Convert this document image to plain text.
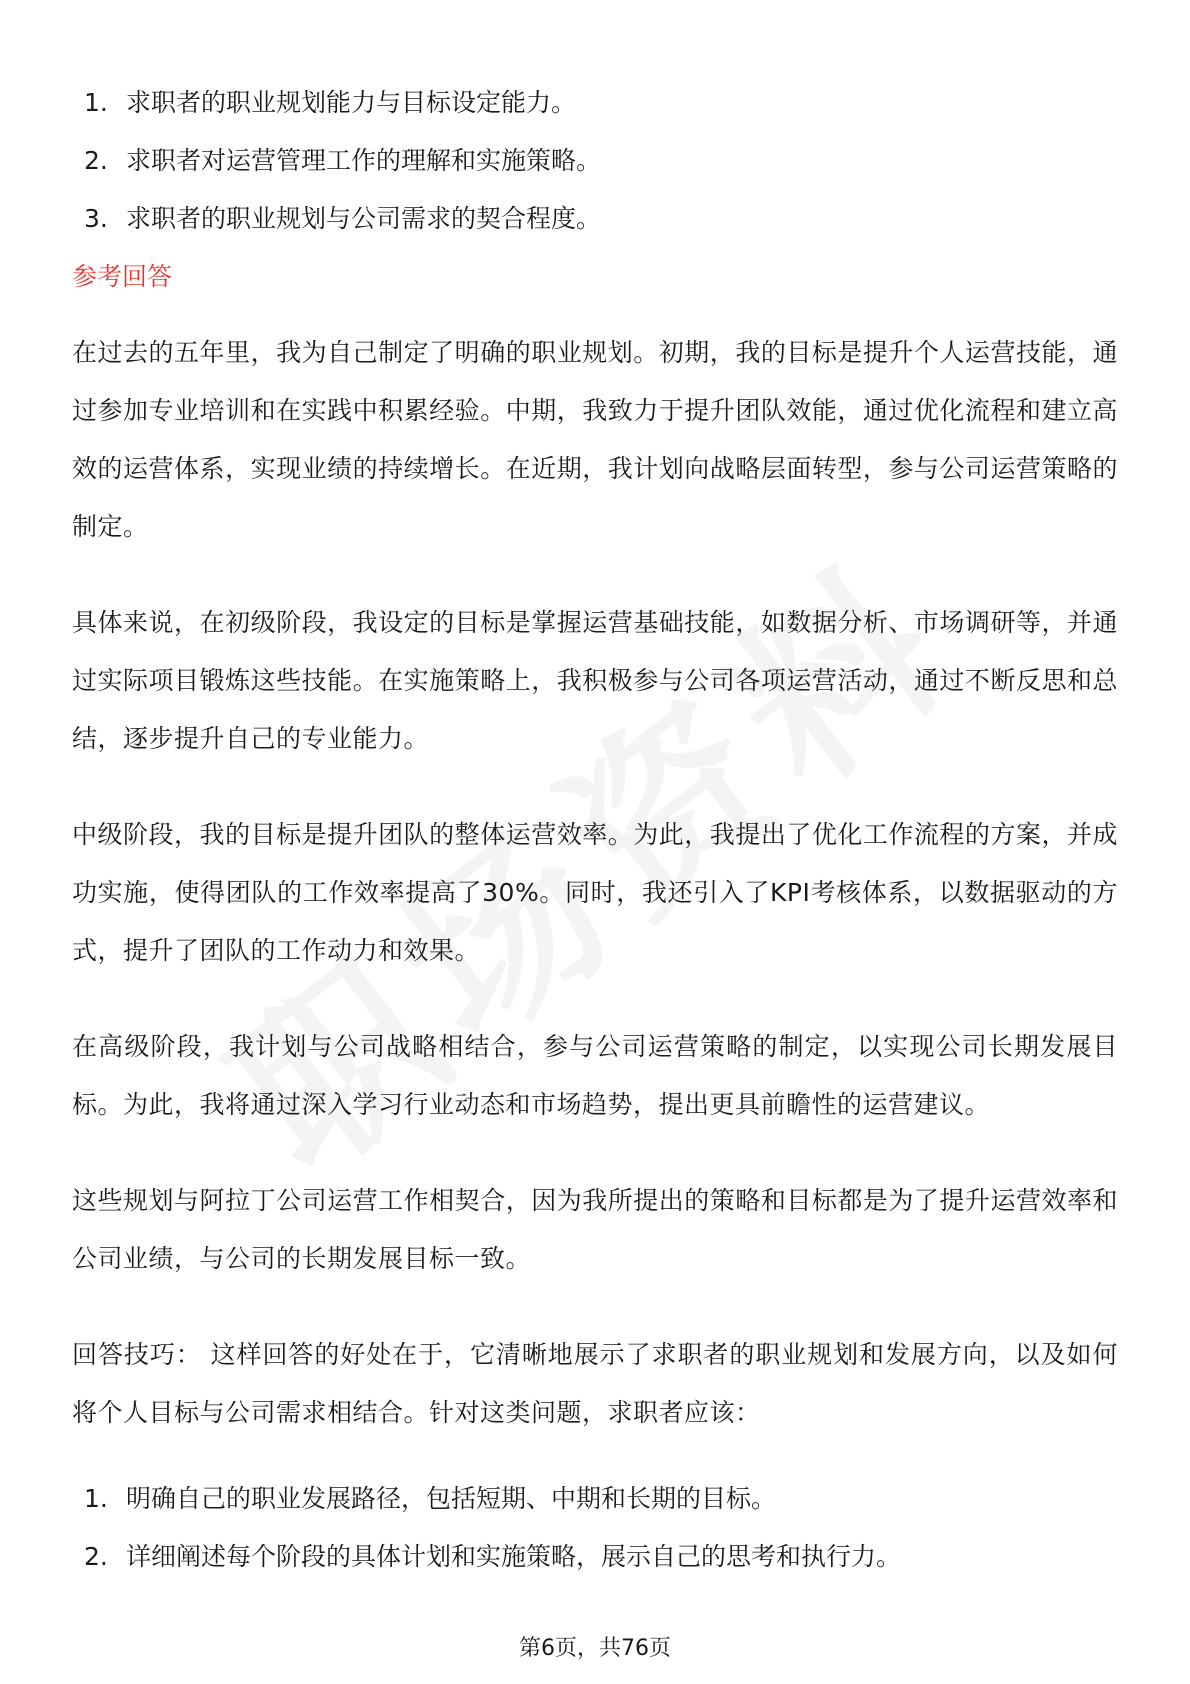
1. 求职者的职业规划能力与目标设定能力。
2. 求职者对运营管理工作的理解和实施策略。
3. 求职者的职业规划与公司需求的契合程度。
参考回答

在过去的五年里，我为自己制定了明确的职业规划。初期，我的目标是提升个人运营技能，通过参加专业培训和在实践中积累经验。中期，我致力于提升团队效能，通过优化流程和建立高效的运营体系，实现业绩的持续增长。在近期，我计划向战略层面转型，参与公司运营策略的制定。

具体来说，在初级阶段，我设定的目标是掌握运营基础技能，如数据分析、市场调研等，并通过实际项目锻炼这些技能。在实施策略上，我积极参与公司各项运营活动，通过不断反思和总结，逐步提升自己的专业能力。

中级阶段，我的目标是提升团队的整体运营效率。为此，我提出了优化工作流程的方案，并成功实施，使得团队的工作效率提高了30%。同时，我还引入了KPI考核体系，以数据驱动的方式，提升了团队的工作动力和效果。

在高级阶段，我计划与公司战略相结合，参与公司运营策略的制定，以实现公司长期发展目标。为此，我将通过深入学习行业动态和市场趋势，提出更具前瞻性的运营建议。

这些规划与阿拉丁公司运营工作相契合，因为我所提出的策略和目标都是为了提升运营效率和公司业绩，与公司的长期发展目标一致。

回答技巧： 这样回答的好处在于，它清晰地展示了求职者的职业规划和发展方向，以及如何将个人目标与公司需求相结合。针对这类问题，求职者应该：

1. 明确自己的职业发展路径，包括短期、中期和长期的目标。
2. 详细阐述每个阶段的具体计划和实施策略，展示自己的思考和执行力。
第6页，共76页
